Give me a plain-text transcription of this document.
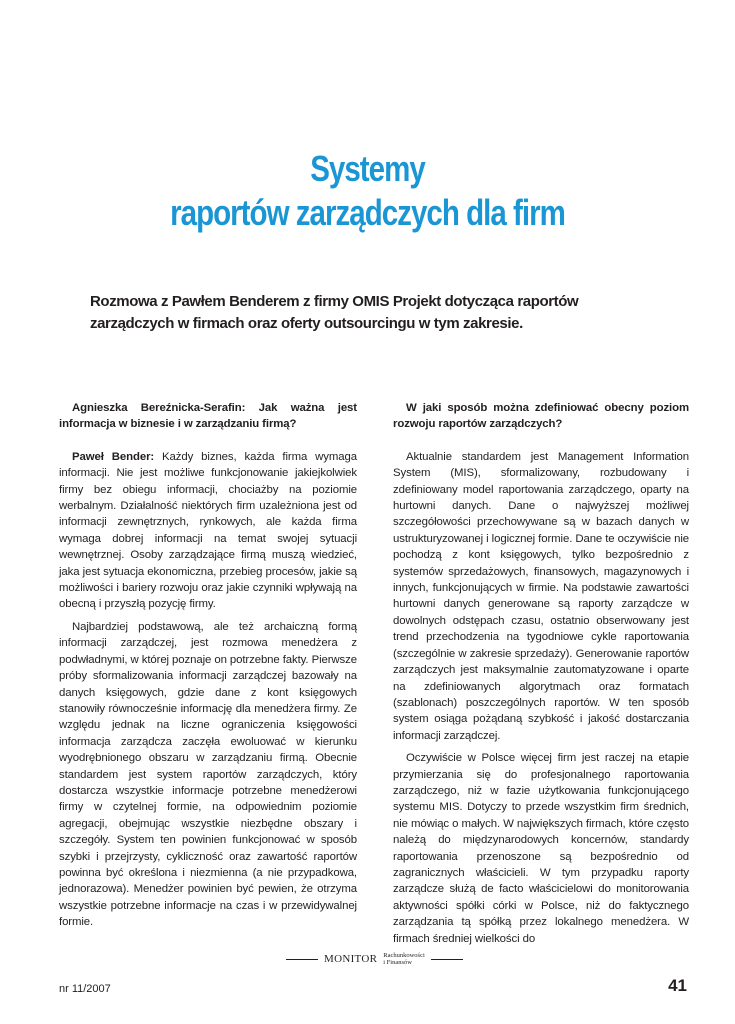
Systemy
raportów zarządczych dla firm
Rozmowa z Pawłem Benderem z firmy OMIS Projekt dotycząca raportów zarządczych w firmach oraz oferty outsourcingu w tym zakresie.

Agnieszka Bereźnicka-Serafin: Jak ważna jest informacja w biznesie i w zarządzaniu firmą?

Paweł Bender: Każdy biznes, każda firma wymaga informacji. Nie jest możliwe funkcjonowanie jakiejkolwiek firmy bez obiegu informacji, chociażby na poziomie werbalnym. Działalność niektórych firm uzależniona jest od informacji zewnętrznych, rynkowych, ale każda firma wymaga dobrej informacji na temat swojej sytuacji wewnętrznej. Osoby zarządzające firmą muszą wiedzieć, jaka jest sytuacja ekonomiczna, przebieg procesów, jakie są możliwości i bariery rozwoju oraz jakie czynniki wpływają na obecną i przyszłą pozycję firmy.

Najbardziej podstawową, ale też archaiczną formą informacji zarządczej, jest rozmowa menedżera z podwładnymi, w której poznaje on potrzebne fakty. Pierwsze próby sformalizowania informacji zarządczej bazowały na danych księgowych, gdzie dane z kont księgowych stanowiły równocześnie informację dla menedżera firmy. Ze względu jednak na liczne ograniczenia księgowości informacja zarządcza zaczęła ewoluować w kierunku wyodrębnionego obszaru w zarządzaniu firmą. Obecnie standardem jest system raportów zarządczych, który dostarcza wszystkie informacje potrzebne menedżerowi firmy w czytelnej formie, na odpowiednim poziomie agregacji, obejmując wszystkie niezbędne obszary i szczegóły. System ten powinien funkcjonować w sposób szybki i przejrzysty, cykliczność oraz zawartość raportów powinna być określona i niezmienna (a nie przypadkowa, jednorazowa). Menedżer powinien być pewien, że otrzyma wszystkie potrzebne informacje na czas i w przewidywalnej formie.

W jaki sposób można zdefiniować obecny poziom rozwoju raportów zarządczych?

Aktualnie standardem jest Management Information System (MIS), sformalizowany, rozbudowany i zdefiniowany model raportowania zarządczego, oparty na hurtowni danych. Dane o najwyższej możliwej szczegółowości przechowywane są w bazach danych w ustrukturyzowanej i logicznej formie. Dane te oczywiście nie pochodzą z kont księgowych, tylko bezpośrednio z systemów sprzedażowych, finansowych, magazynowych i innych, funkcjonujących w firmie. Na podstawie zawartości hurtowni danych generowane są raporty zarządcze w dowolnych odstępach czasu, ostatnio obserwowany jest trend przechodzenia na tygodniowe cykle raportowania (szczególnie w zakresie sprzedaży). Generowanie raportów zarządczych jest maksymalnie zautomatyzowane i oparte na zdefiniowanych algorytmach oraz formatach (szablonach) poszczególnych raportów. W ten sposób system osiąga pożądaną szybkość i jakość dostarczania informacji zarządczej.

Oczywiście w Polsce więcej firm jest raczej na etapie przymierzania się do profesjonalnego raportowania zarządczego, niż w fazie użytkowania funkcjonującego systemu MIS. Dotyczy to przede wszystkim firm średnich, nie mówiąc o małych. W największych firmach, które często należą do międzynarodowych koncernów, standardy raportowania przenoszone są bezpośrednio od zagranicznych właścicieli. W tym przypadku raporty zarządcze służą de facto właścicielowi do monitorowania aktywności spółki córki w Polsce, niż do faktycznego zarządzania tą spółką przez lokalnego menedżera. W firmach średniej wielkości do

MONITOR Rachunkowości
i Finansów
nr 11/2007	41
